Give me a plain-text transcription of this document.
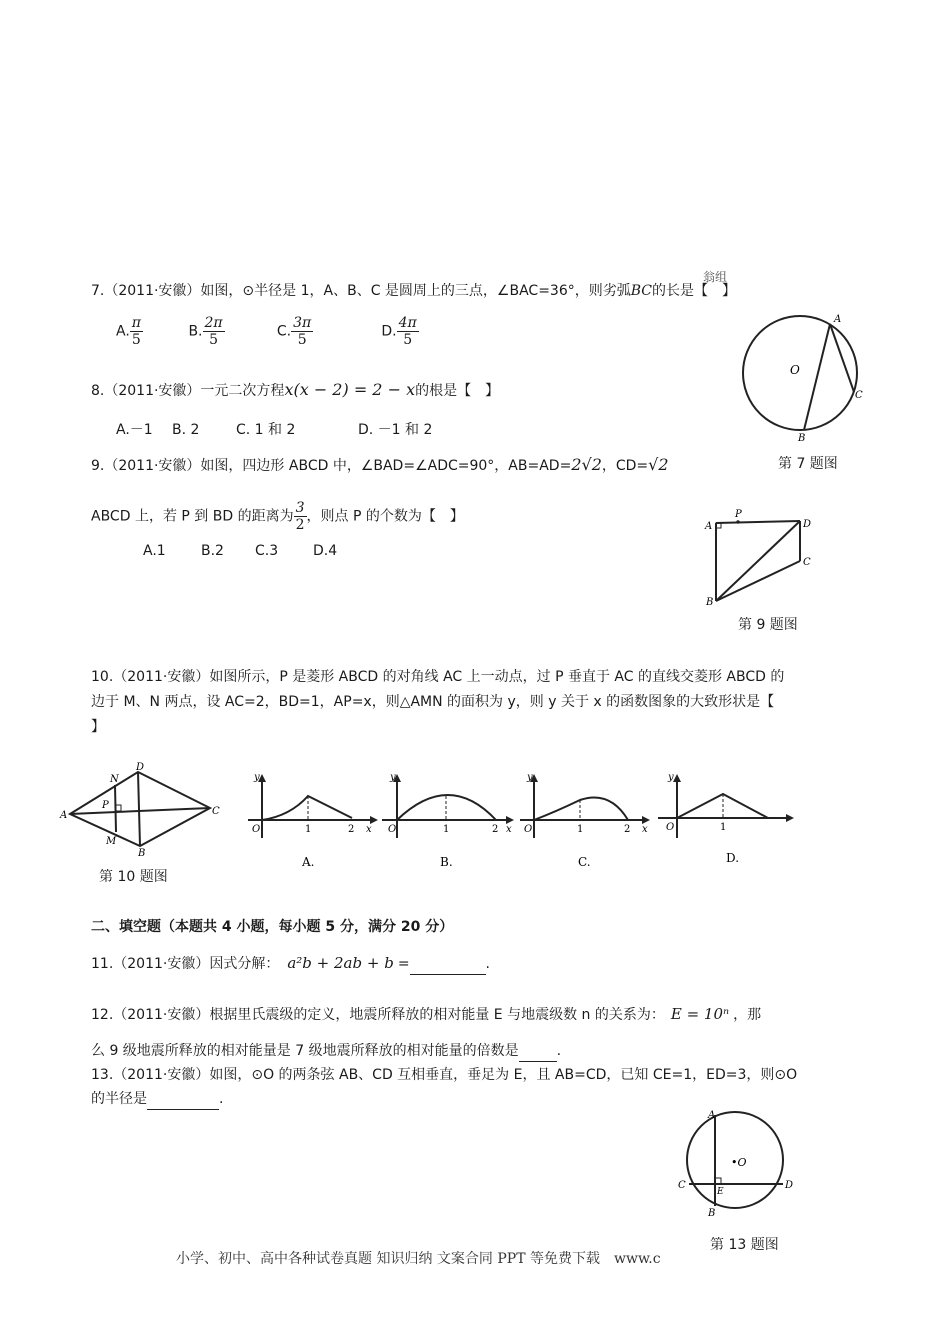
7.（2011·安徽）如图，⊙半径是 1，A、B、C 是圆周上的三点，∠BAC=36°，则劣弧BC的长是【　】
翁组
A. $\frac{\pi}{5}$	B. $\frac{2\pi}{5}$	C. $\frac{3\pi}{5}$	D. $\frac{4\pi}{5}$	A
B
C
O
第 7 题图
8.（2011·安徽）一元二次方程x(x − 2) = 2 − x的根是【　】
A.－1 B. 2	C. 1 和 2	D. －1 和 2
9.（2011·安徽）如图，四边形 ABCD 中，∠BAD=∠ADC=90°，AB=AD=2√2，CD=√2
ABCD 上，若 P 到 BD 的距离为 $\frac{3}{2}$ ，则点 P 的个数为【　】
A.1	B.2 C.3 D.4
A
P
D
C
B
第 9 题图
10.（2011·安徽）如图所示，P 是菱形 ABCD 的对角线 AC 上一动点，过 P 垂直于 AC 的直线交菱形 ABCD 的
边于 M、N 两点，设 AC=2，BD=1，AP=x，则△AMN 的面积为 y，则 y 关于 x 的函数图象的大致形状是【
】
D
N
P
A	C
M
B
第 10 题图
y
O	1	2 x
A.
y
O	1	2 x
B.
y
O	1	2 x
C.
y
O	1
D.
二、填空题（本题共 4 小题，每小题 5 分，满分 20 分）
11.（2011·安徽）因式分解： a²b + 2ab + b =	.
12.（2011·安徽）根据里氏震级的定义，地震所释放的相对能量 E 与地震级数 n 的关系为： E = 10ⁿ ，那
么 9 级地震所释放的相对能量是 7 级地震所释放的相对能量的倍数是	.
13.（2011·安徽）如图，⊙O 的两条弦 AB、CD 互相垂直，垂足为 E，且 AB=CD，已知 CE=1，ED=3，则⊙O
的半径是	.
A
•O
C
E
D
B
第 13 题图
小学、初中、高中各种试卷真题 知识归纳 文案合同 PPT 等免费下载　www.c
